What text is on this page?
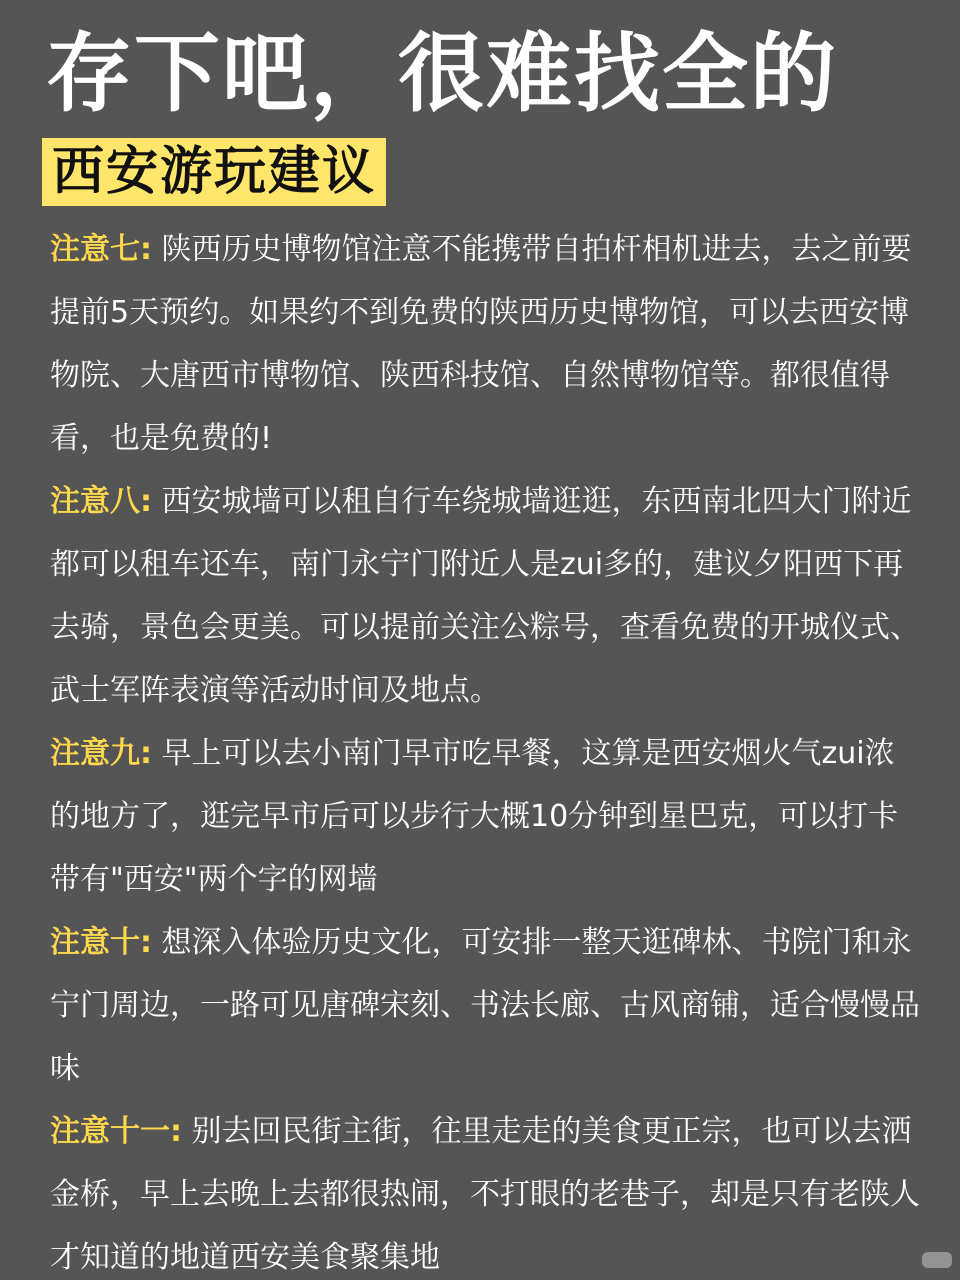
存下吧，很难找全的
西安游玩建议
注意七: 陕西历史博物馆注意不能携带自拍杆相机进去，去之前要提前5天预约。如果约不到免费的陕西历史博物馆，可以去西安博物院、大唐西市博物馆、陕西科技馆、自然博物馆等。都很值得看，也是免费的!
注意八: 西安城墙可以租自行车绕城墙逛逛，东西南北四大门附近都可以租车还车，南门永宁门附近人是zui多的，建议夕阳西下再去骑，景色会更美。可以提前关注公粽号，查看免费的开城仪式、武士军阵表演等活动时间及地点。
注意九: 早上可以去小南门早市吃早餐，这算是西安烟火气zui浓的地方了，逛完早市后可以步行大概10分钟到星巴克，可以打卡带有"西安"两个字的网墙
注意十: 想深入体验历史文化，可安排一整天逛碑林、书院门和永宁门周边，一路可见唐碑宋刻、书法长廊、古风商铺，适合慢慢品味
注意十一: 别去回民街主街，往里走走的美食更正宗，也可以去洒金桥，早上去晚上去都很热闹，不打眼的老巷子，却是只有老陕人才知道的地道西安美食聚集地
